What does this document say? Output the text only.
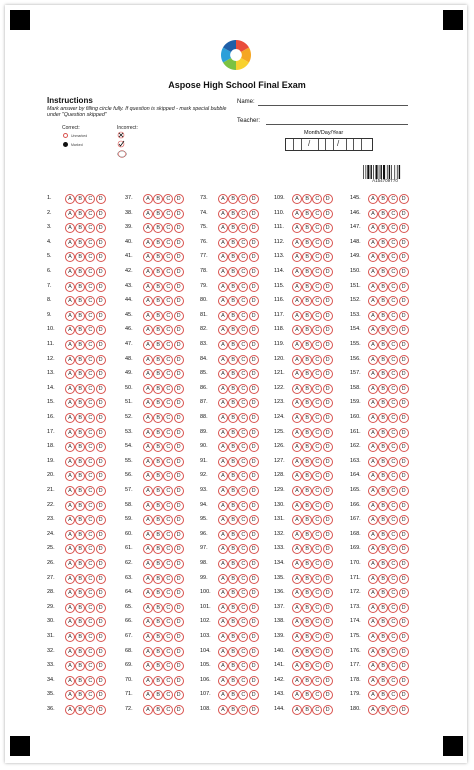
Aspose High School Final Exam
Instructions
Mark answer by filling circle fully. If question is skipped - mark special bubble under "Question skipped"
Correct:	Incorrect:
Unmarked
Marked
Name:
Teacher:
Month/Day/Year
/	/
A154709T70
1.	A	B	C	D
2.	A	B	C	D
3.	A	B	C	D
4.	A	B	C	D
5.	A	B	C	D
6.	A	B	C	D
7.	A	B	C	D
8.	A	B	C	D
9.	A	B	C	D
10.	A	B	C	D
11.	A	B	C	D
12.	A	B	C	D
13.	A	B	C	D
14.	A	B	C	D
15.	A	B	C	D
16.	A	B	C	D
17.	A	B	C	D
18.	A	B	C	D
19.	A	B	C	D
20.	A	B	C	D
21.	A	B	C	D
22.	A	B	C	D
23.	A	B	C	D
24.	A	B	C	D
25.	A	B	C	D
26.	A	B	C	D
27.	A	B	C	D
28.	A	B	C	D
29.	A	B	C	D
30.	A	B	C	D
31.	A	B	C	D
32.	A	B	C	D
33.	A	B	C	D
34.	A	B	C	D
35.	A	B	C	D
36.	A	B	C	D
37.	A	B	C	D
38.	A	B	C	D
39.	A	B	C	D
40.	A	B	C	D
41.	A	B	C	D
42.	A	B	C	D
43.	A	B	C	D
44.	A	B	C	D
45.	A	B	C	D
46.	A	B	C	D
47.	A	B	C	D
48.	A	B	C	D
49.	A	B	C	D
50.	A	B	C	D
51.	A	B	C	D
52.	A	B	C	D
53.	A	B	C	D
54.	A	B	C	D
55.	A	B	C	D
56.	A	B	C	D
57.	A	B	C	D
58.	A	B	C	D
59.	A	B	C	D
60.	A	B	C	D
61.	A	B	C	D
62.	A	B	C	D
63.	A	B	C	D
64.	A	B	C	D
65.	A	B	C	D
66.	A	B	C	D
67.	A	B	C	D
68.	A	B	C	D
69.	A	B	C	D
70.	A	B	C	D
71.	A	B	C	D
72.	A	B	C	D
73.	A	B	C	D
74.	A	B	C	D
75.	A	B	C	D
76.	A	B	C	D
77.	A	B	C	D
78.	A	B	C	D
79.	A	B	C	D
80.	A	B	C	D
81.	A	B	C	D
82.	A	B	C	D
83.	A	B	C	D
84.	A	B	C	D
85.	A	B	C	D
86.	A	B	C	D
87.	A	B	C	D
88.	A	B	C	D
89.	A	B	C	D
90.	A	B	C	D
91.	A	B	C	D
92.	A	B	C	D
93.	A	B	C	D
94.	A	B	C	D
95.	A	B	C	D
96.	A	B	C	D
97.	A	B	C	D
98.	A	B	C	D
99.	A	B	C	D
100.	A	B	C	D
101.	A	B	C	D
102.	A	B	C	D
103.	A	B	C	D
104.	A	B	C	D
105.	A	B	C	D
106.	A	B	C	D
107.	A	B	C	D
108.	A	B	C	D
109.	A	B	C	D
110.	A	B	C	D
111.	A	B	C	D
112.	A	B	C	D
113.	A	B	C	D
114.	A	B	C	D
115.	A	B	C	D
116.	A	B	C	D
117.	A	B	C	D
118.	A	B	C	D
119.	A	B	C	D
120.	A	B	C	D
121.	A	B	C	D
122.	A	B	C	D
123.	A	B	C	D
124.	A	B	C	D
125.	A	B	C	D
126.	A	B	C	D
127.	A	B	C	D
128.	A	B	C	D
129.	A	B	C	D
130.	A	B	C	D
131.	A	B	C	D
132.	A	B	C	D
133.	A	B	C	D
134.	A	B	C	D
135.	A	B	C	D
136.	A	B	C	D
137.	A	B	C	D
138.	A	B	C	D
139.	A	B	C	D
140.	A	B	C	D
141.	A	B	C	D
142.	A	B	C	D
143.	A	B	C	D
144.	A	B	C	D
145.	A	B	C	D
146.	A	B	C	D
147.	A	B	C	D
148.	A	B	C	D
149.	A	B	C	D
150.	A	B	C	D
151.	A	B	C	D
152.	A	B	C	D
153.	A	B	C	D
154.	A	B	C	D
155.	A	B	C	D
156.	A	B	C	D
157.	A	B	C	D
158.	A	B	C	D
159.	A	B	C	D
160.	A	B	C	D
161.	A	B	C	D
162.	A	B	C	D
163.	A	B	C	D
164.	A	B	C	D
165.	A	B	C	D
166.	A	B	C	D
167.	A	B	C	D
168.	A	B	C	D
169.	A	B	C	D
170.	A	B	C	D
171.	A	B	C	D
172.	A	B	C	D
173.	A	B	C	D
174.	A	B	C	D
175.	A	B	C	D
176.	A	B	C	D
177.	A	B	C	D
178.	A	B	C	D
179.	A	B	C	D
180.	A	B	C	D
